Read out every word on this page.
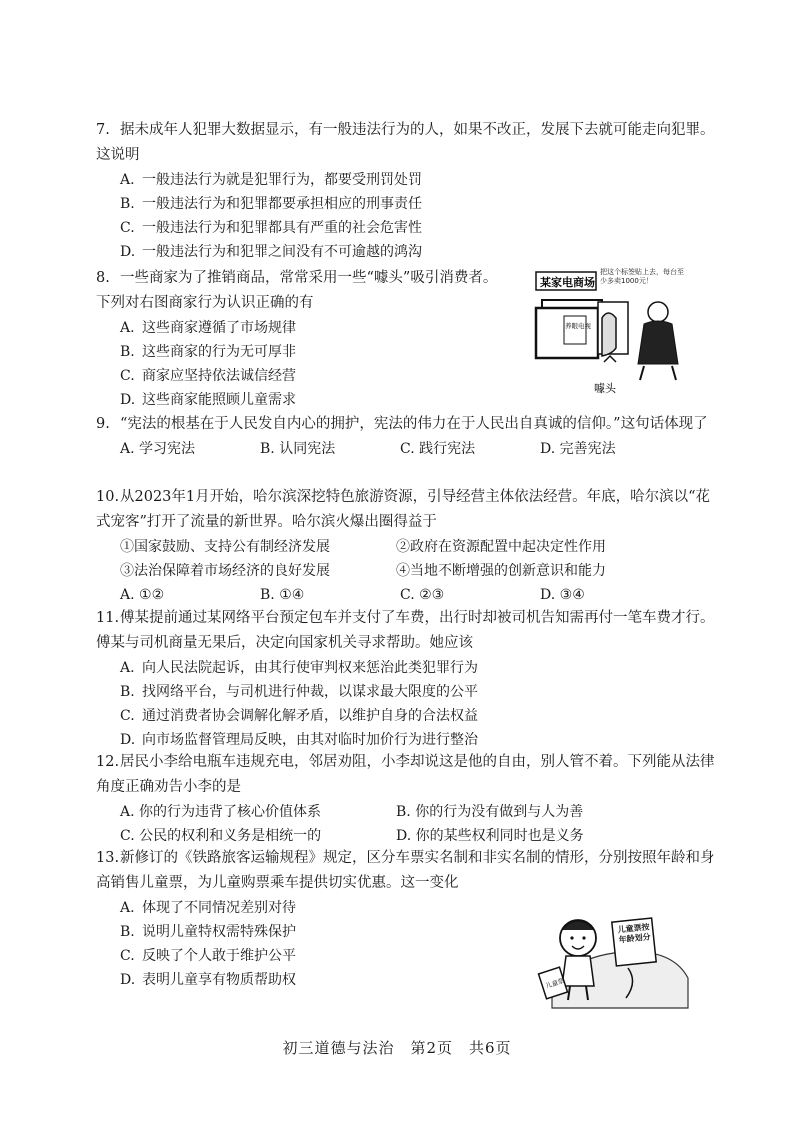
7. 据未成年人犯罪大数据显示，有一般违法行为的人，如果不改正，发展下去就可能走向犯罪。这说明
A. 一般违法行为就是犯罪行为，都要受刑罚处罚
B. 一般违法行为和犯罪都要承担相应的刑事责任
C. 一般违法行为和犯罪都具有严重的社会危害性
D. 一般违法行为和犯罪之间没有不可逾越的鸿沟
8. 一些商家为了推销商品，常常采用一些“噱头”吸引消费者。
下列对右图商家行为认识正确的有
A. 这些商家遵循了市场规律
B. 这些商家的行为无可厚非
C. 商家应坚持依法诚信经营
D. 这些商家能照顾儿童需求
某家电商场
把这个标签贴上去，每台至少多卖1000元！
养眼电视
噱头
9. “宪法的根基在于人民发自内心的拥护，宪法的伟力在于人民出自真诚的信仰。”这句话体现了
A. 学习宪法	B. 认同宪法	C. 践行宪法	D. 完善宪法
10.从2023年1月开始，哈尔滨深挖特色旅游资源，引导经营主体依法经营。年底，哈尔滨以“花式宠客”打开了流量的新世界。哈尔滨火爆出圈得益于
①国家鼓励、支持公有制经济发展	②政府在资源配置中起决定性作用
③法治保障着市场经济的良好发展	④当地不断增强的创新意识和能力
A. ①②	B. ①④	C. ②③	D. ③④
11.傅某提前通过某网络平台预定包车并支付了车费，出行时却被司机告知需再付一笔车费才行。傅某与司机商量无果后，决定向国家机关寻求帮助。她应该
A. 向人民法院起诉，由其行使审判权来惩治此类犯罪行为
B. 找网络平台，与司机进行仲裁，以谋求最大限度的公平
C. 通过消费者协会调解化解矛盾，以维护自身的合法权益
D. 向市场监督管理局反映，由其对临时加价行为进行整治
12.居民小李给电瓶车违规充电，邻居劝阻，小李却说这是他的自由，别人管不着。下列能从法律角度正确劝告小李的是
A. 你的行为违背了核心价值体系	B. 你的行为没有做到与人为善
C. 公民的权利和义务是相统一的	D. 你的某些权利同时也是义务
13.新修订的《铁路旅客运输规程》规定，区分车票实名制和非实名制的情形，分别按照年龄和身高销售儿童票，为儿童购票乘车提供切实优惠。这一变化
A. 体现了不同情况差别对待
B. 说明儿童特权需特殊保护
C. 反映了个人敢于维护公平
D. 表明儿童享有物质帮助权
儿童票按年龄划分
儿童票
初三道德与法治　第2页　共6页
